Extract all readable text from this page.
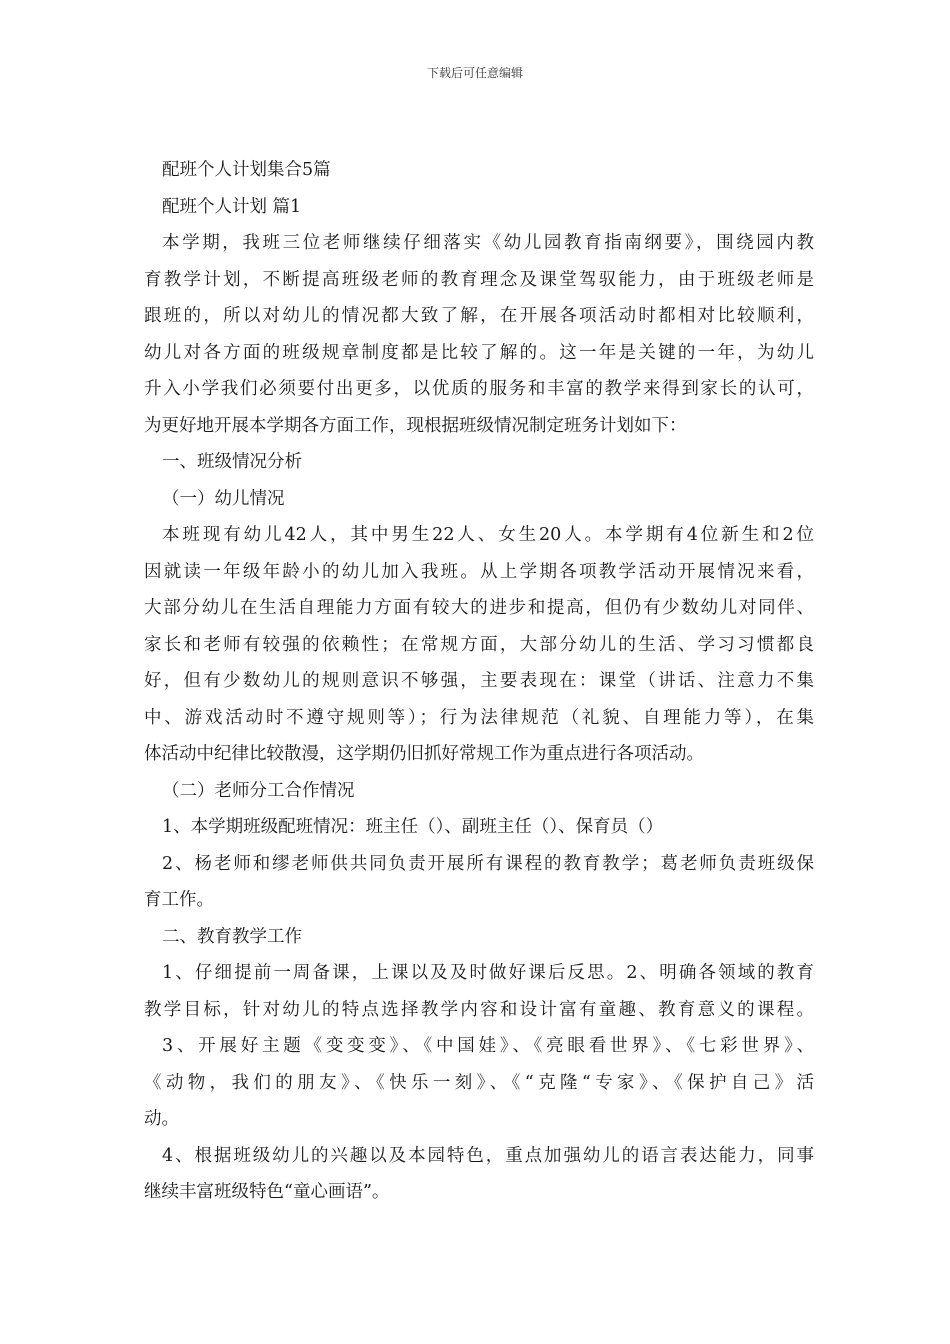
下载后可任意编辑
配班个人计划集合5篇
配班个人计划 篇1
本学期，我班三位老师继续仔细落实《幼儿园教育指南纲要》，围绕园内教
育教学计划，不断提高班级老师的教育理念及课堂驾驭能力，由于班级老师是
跟班的，所以对幼儿的情况都大致了解，在开展各项活动时都相对比较顺利，
幼儿对各方面的班级规章制度都是比较了解的。这一年是关键的一年，为幼儿
升入小学我们必须要付出更多，以优质的服务和丰富的教学来得到家长的认可，
为更好地开展本学期各方面工作，现根据班级情况制定班务计划如下：
一、班级情况分析
（一）幼儿情况
本班现有幼儿42人，其中男生22人、女生20人。本学期有4位新生和2位
因就读一年级年龄小的幼儿加入我班。从上学期各项教学活动开展情况来看，
大部分幼儿在生活自理能力方面有较大的进步和提高，但仍有少数幼儿对同伴、
家长和老师有较强的依赖性；在常规方面，大部分幼儿的生活、学习习惯都良
好，但有少数幼儿的规则意识不够强，主要表现在：课堂（讲话、注意力不集
中、游戏活动时不遵守规则等）；行为法律规范（礼貌、自理能力等），在集
体活动中纪律比较散漫，这学期仍旧抓好常规工作为重点进行各项活动。
（二）老师分工合作情况
1、本学期班级配班情况：班主任（）、副班主任（）、保育员（）
2、杨老师和缪老师供共同负责开展所有课程的教育教学；葛老师负责班级保
育工作。
二、教育教学工作
1、仔细提前一周备课，上课以及及时做好课后反思。2、明确各领域的教育
教学目标，针对幼儿的特点选择教学内容和设计富有童趣、教育意义的课程。
3、开展好主题《变变变》、《中国娃》、《亮眼看世界》、《七彩世界》、
《动物，我们的朋友》、《快乐一刻》、《“克隆“专家》、《保护自己》活
动。
4、根据班级幼儿的兴趣以及本园特色，重点加强幼儿的语言表达能力，同事
继续丰富班级特色“童心画语”。
